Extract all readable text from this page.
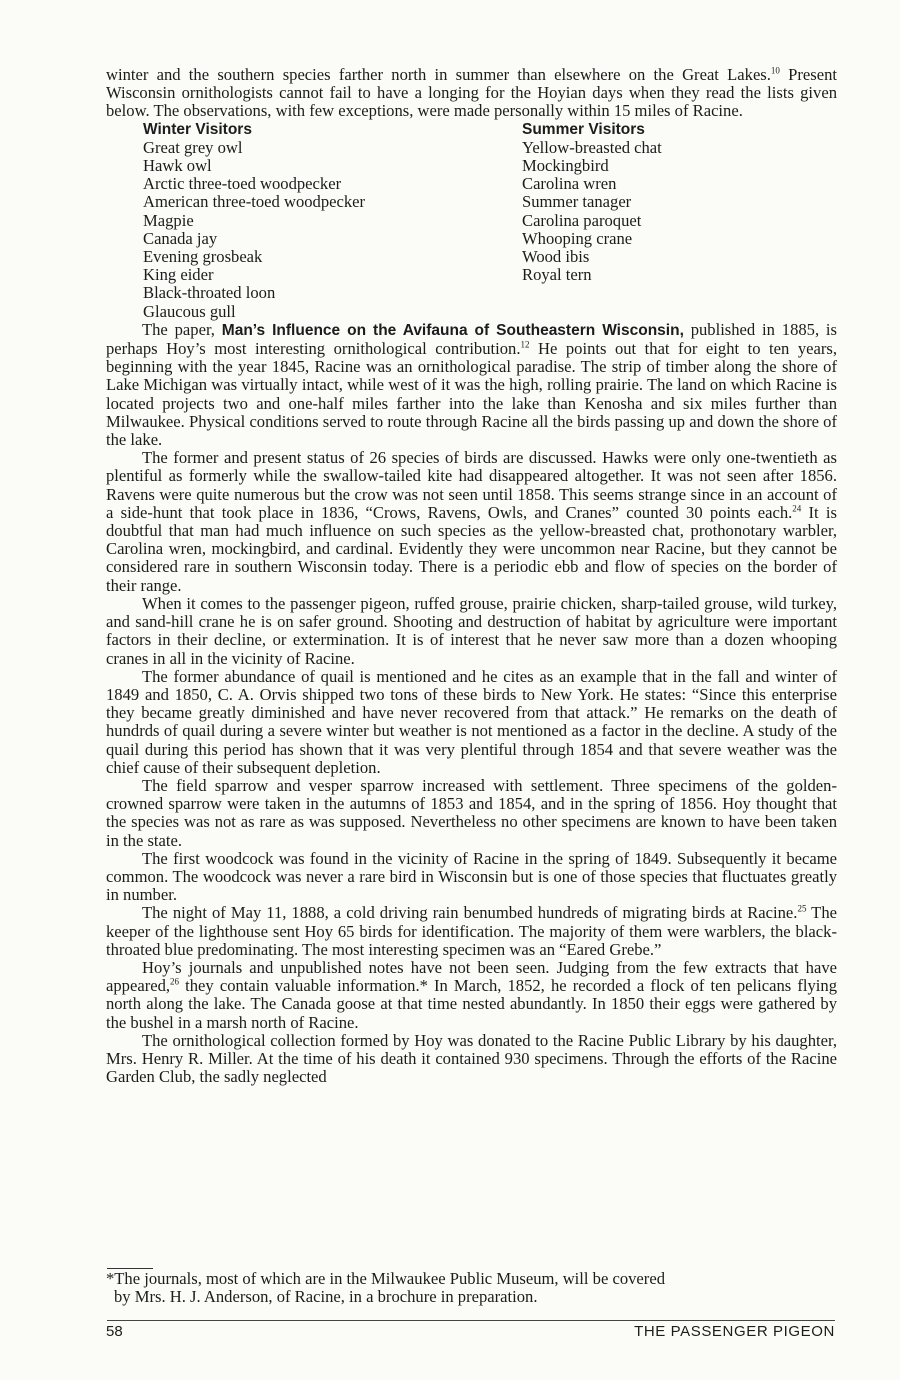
winter and the southern species farther north in summer than elsewhere on the Great Lakes.$^{10}$ Present Wisconsin ornithologists cannot fail to have a longing for the Hoyian days when they read the lists given below. The observations, with few exceptions, were made personally within 15 miles of Racine.

Winter Visitors
Great grey owl
Hawk owl
Arctic three-toed woodpecker
American three-toed woodpecker
Magpie
Canada jay
Evening grosbeak
King eider
Black-throated loon
Glaucous gull
Summer Visitors
Yellow-breasted chat
Mockingbird
Carolina wren
Summer tanager
Carolina paroquet
Whooping crane
Wood ibis
Royal tern

The paper, Man’s Influence on the Avifauna of Southeastern Wisconsin, published in 1885, is perhaps Hoy’s most interesting ornithological contribution.$^{12}$ He points out that for eight to ten years, beginning with the year 1845, Racine was an ornithological paradise. The strip of timber along the shore of Lake Michigan was virtually intact, while west of it was the high, rolling prairie. The land on which Racine is located projects two and one-half miles farther into the lake than Kenosha and six miles further than Milwaukee. Physical conditions served to route through Racine all the birds passing up and down the shore of the lake.

The former and present status of 26 species of birds are discussed. Hawks were only one-twentieth as plentiful as formerly while the swallow-tailed kite had disappeared altogether. It was not seen after 1856. Ravens were quite numerous but the crow was not seen until 1858. This seems strange since in an account of a side-hunt that took place in 1836, “Crows, Ravens, Owls, and Cranes” counted 30 points each.$^{24}$ It is doubtful that man had much influence on such species as the yellow-breasted chat, prothonotary warbler, Carolina wren, mockingbird, and cardinal. Evidently they were uncommon near Racine, but they cannot be considered rare in southern Wisconsin today. There is a periodic ebb and flow of species on the border of their range.

When it comes to the passenger pigeon, ruffed grouse, prairie chicken, sharp-tailed grouse, wild turkey, and sand-hill crane he is on safer ground. Shooting and destruction of habitat by agriculture were important factors in their decline, or extermination. It is of interest that he never saw more than a dozen whooping cranes in all in the vicinity of Racine.

The former abundance of quail is mentioned and he cites as an example that in the fall and winter of 1849 and 1850, C. A. Orvis shipped two tons of these birds to New York. He states: “Since this enterprise they became greatly diminished and have never recovered from that attack.” He remarks on the death of hundrds of quail during a severe winter but weather is not mentioned as a factor in the decline. A study of the quail during this period has shown that it was very plentiful through 1854 and that severe weather was the chief cause of their subsequent depletion.

The field sparrow and vesper sparrow increased with settlement. Three specimens of the golden-crowned sparrow were taken in the autumns of 1853 and 1854, and in the spring of 1856. Hoy thought that the species was not as rare as was supposed. Nevertheless no other specimens are known to have been taken in the state.

The first woodcock was found in the vicinity of Racine in the spring of 1849. Subsequently it became common. The woodcock was never a rare bird in Wisconsin but is one of those species that fluctuates greatly in number.

The night of May 11, 1888, a cold driving rain benumbed hundreds of migrating birds at Racine.$^{25}$ The keeper of the lighthouse sent Hoy 65 birds for identification. The majority of them were warblers, the black-throated blue predominating. The most interesting specimen was an “Eared Grebe.”

Hoy’s journals and unpublished notes have not been seen. Judging from the few extracts that have appeared,$^{26}$ they contain valuable information.* In March, 1852, he recorded a flock of ten pelicans flying north along the lake. The Canada goose at that time nested abundantly. In 1850 their eggs were gathered by the bushel in a marsh north of Racine.

The ornithological collection formed by Hoy was donated to the Racine Public Library by his daughter, Mrs. Henry R. Miller. At the time of his death it contained 930 specimens. Through the efforts of the Racine Garden Club, the sadly neglected

*The journals, most of which are in the Milwaukee Public Museum, will be covered

by Mrs. H. J. Anderson, of Racine, in a brochure in preparation.

58	THE PASSENGER PIGEON
